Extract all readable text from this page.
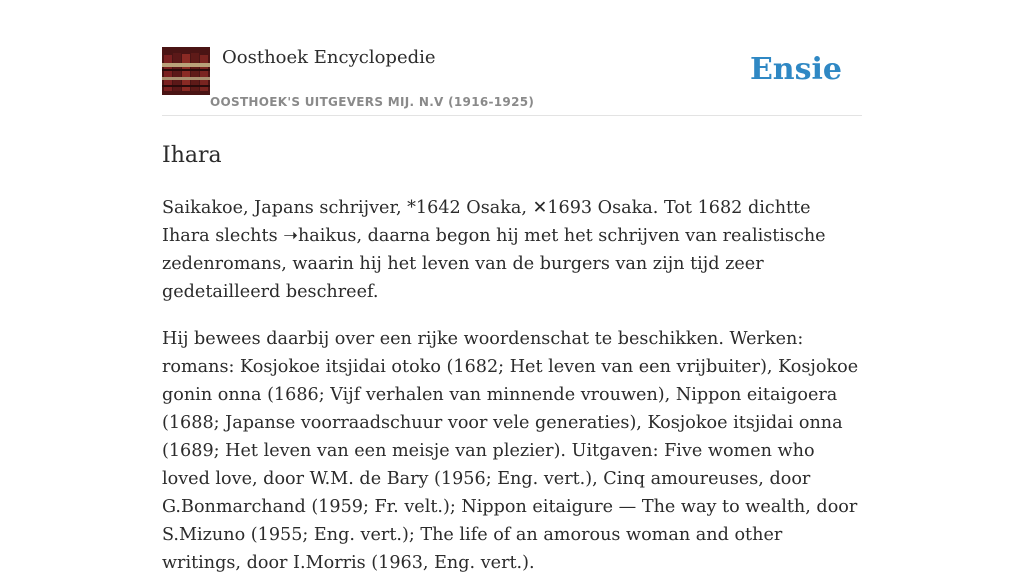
Oosthoek Encyclopedie
OOSTHOEK'S UITGEVERS MIJ. N.V (1916-1925)
Ensie
Ihara

Saikakoe, Japans schrijver, *1642 Osaka, ✕1693 Osaka. Tot 1682 dichtte Ihara slechts ➝haikus, daarna begon hij met het schrijven van realistische zedenromans, waarin hij het leven van de burgers van zijn tijd zeer gedetailleerd beschreef.

Hij bewees daarbij over een rijke woordenschat te beschikken. Werken: romans: Kosjokoe itsjidai otoko (1682; Het leven van een vrijbuiter), Kosjokoe gonin onna (1686; Vijf verhalen van minnende vrouwen), Nippon eitaigoera (1688; Japanse voorraadschuur voor vele generaties), Kosjokoe itsjidai onna (1689; Het leven van een meisje van plezier). Uitgaven: Five women who loved love, door W.M. de Bary (1956; Eng. vert.), Cinq amoureuses, door G.Bonmarchand (1959; Fr. velt.); Nippon eitaigure — The way to wealth, door S.Mizuno (1955; Eng. vert.); The life of an amorous woman and other writings, door I.Morris (1963, Eng. vert.).
